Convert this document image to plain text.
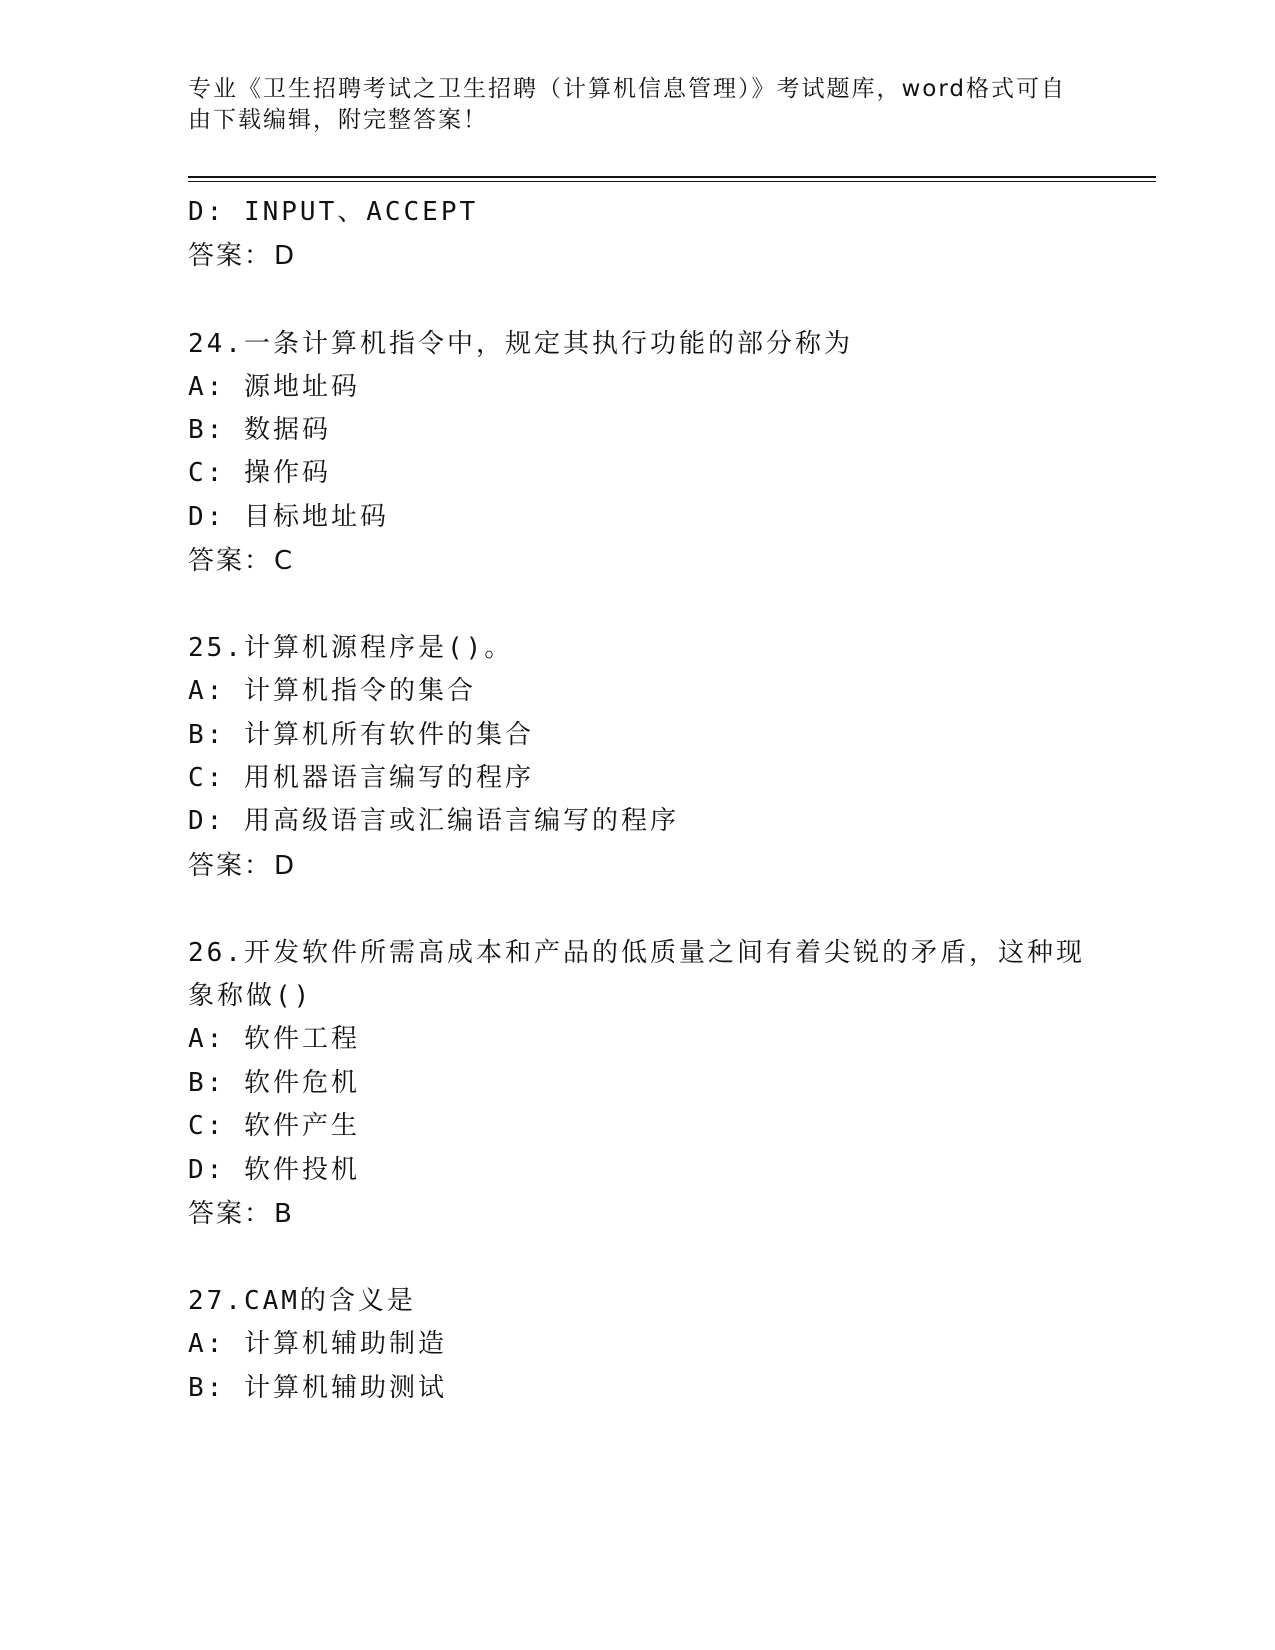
专业《卫生招聘考试之卫生招聘（计算机信息管理）》考试题库，word格式可自由下载编辑，附完整答案！
D: INPUT、ACCEPT
答案：D
24.一条计算机指令中，规定其执行功能的部分称为
A: 源地址码
B: 数据码
C: 操作码
D: 目标地址码
答案：C
25.计算机源程序是()。
A: 计算机指令的集合
B: 计算机所有软件的集合
C: 用机器语言编写的程序
D: 用高级语言或汇编语言编写的程序
答案：D
26.开发软件所需高成本和产品的低质量之间有着尖锐的矛盾，这种现
象称做()
A: 软件工程
B: 软件危机
C: 软件产生
D: 软件投机
答案：B
27.CAM的含义是
A: 计算机辅助制造
B: 计算机辅助测试
